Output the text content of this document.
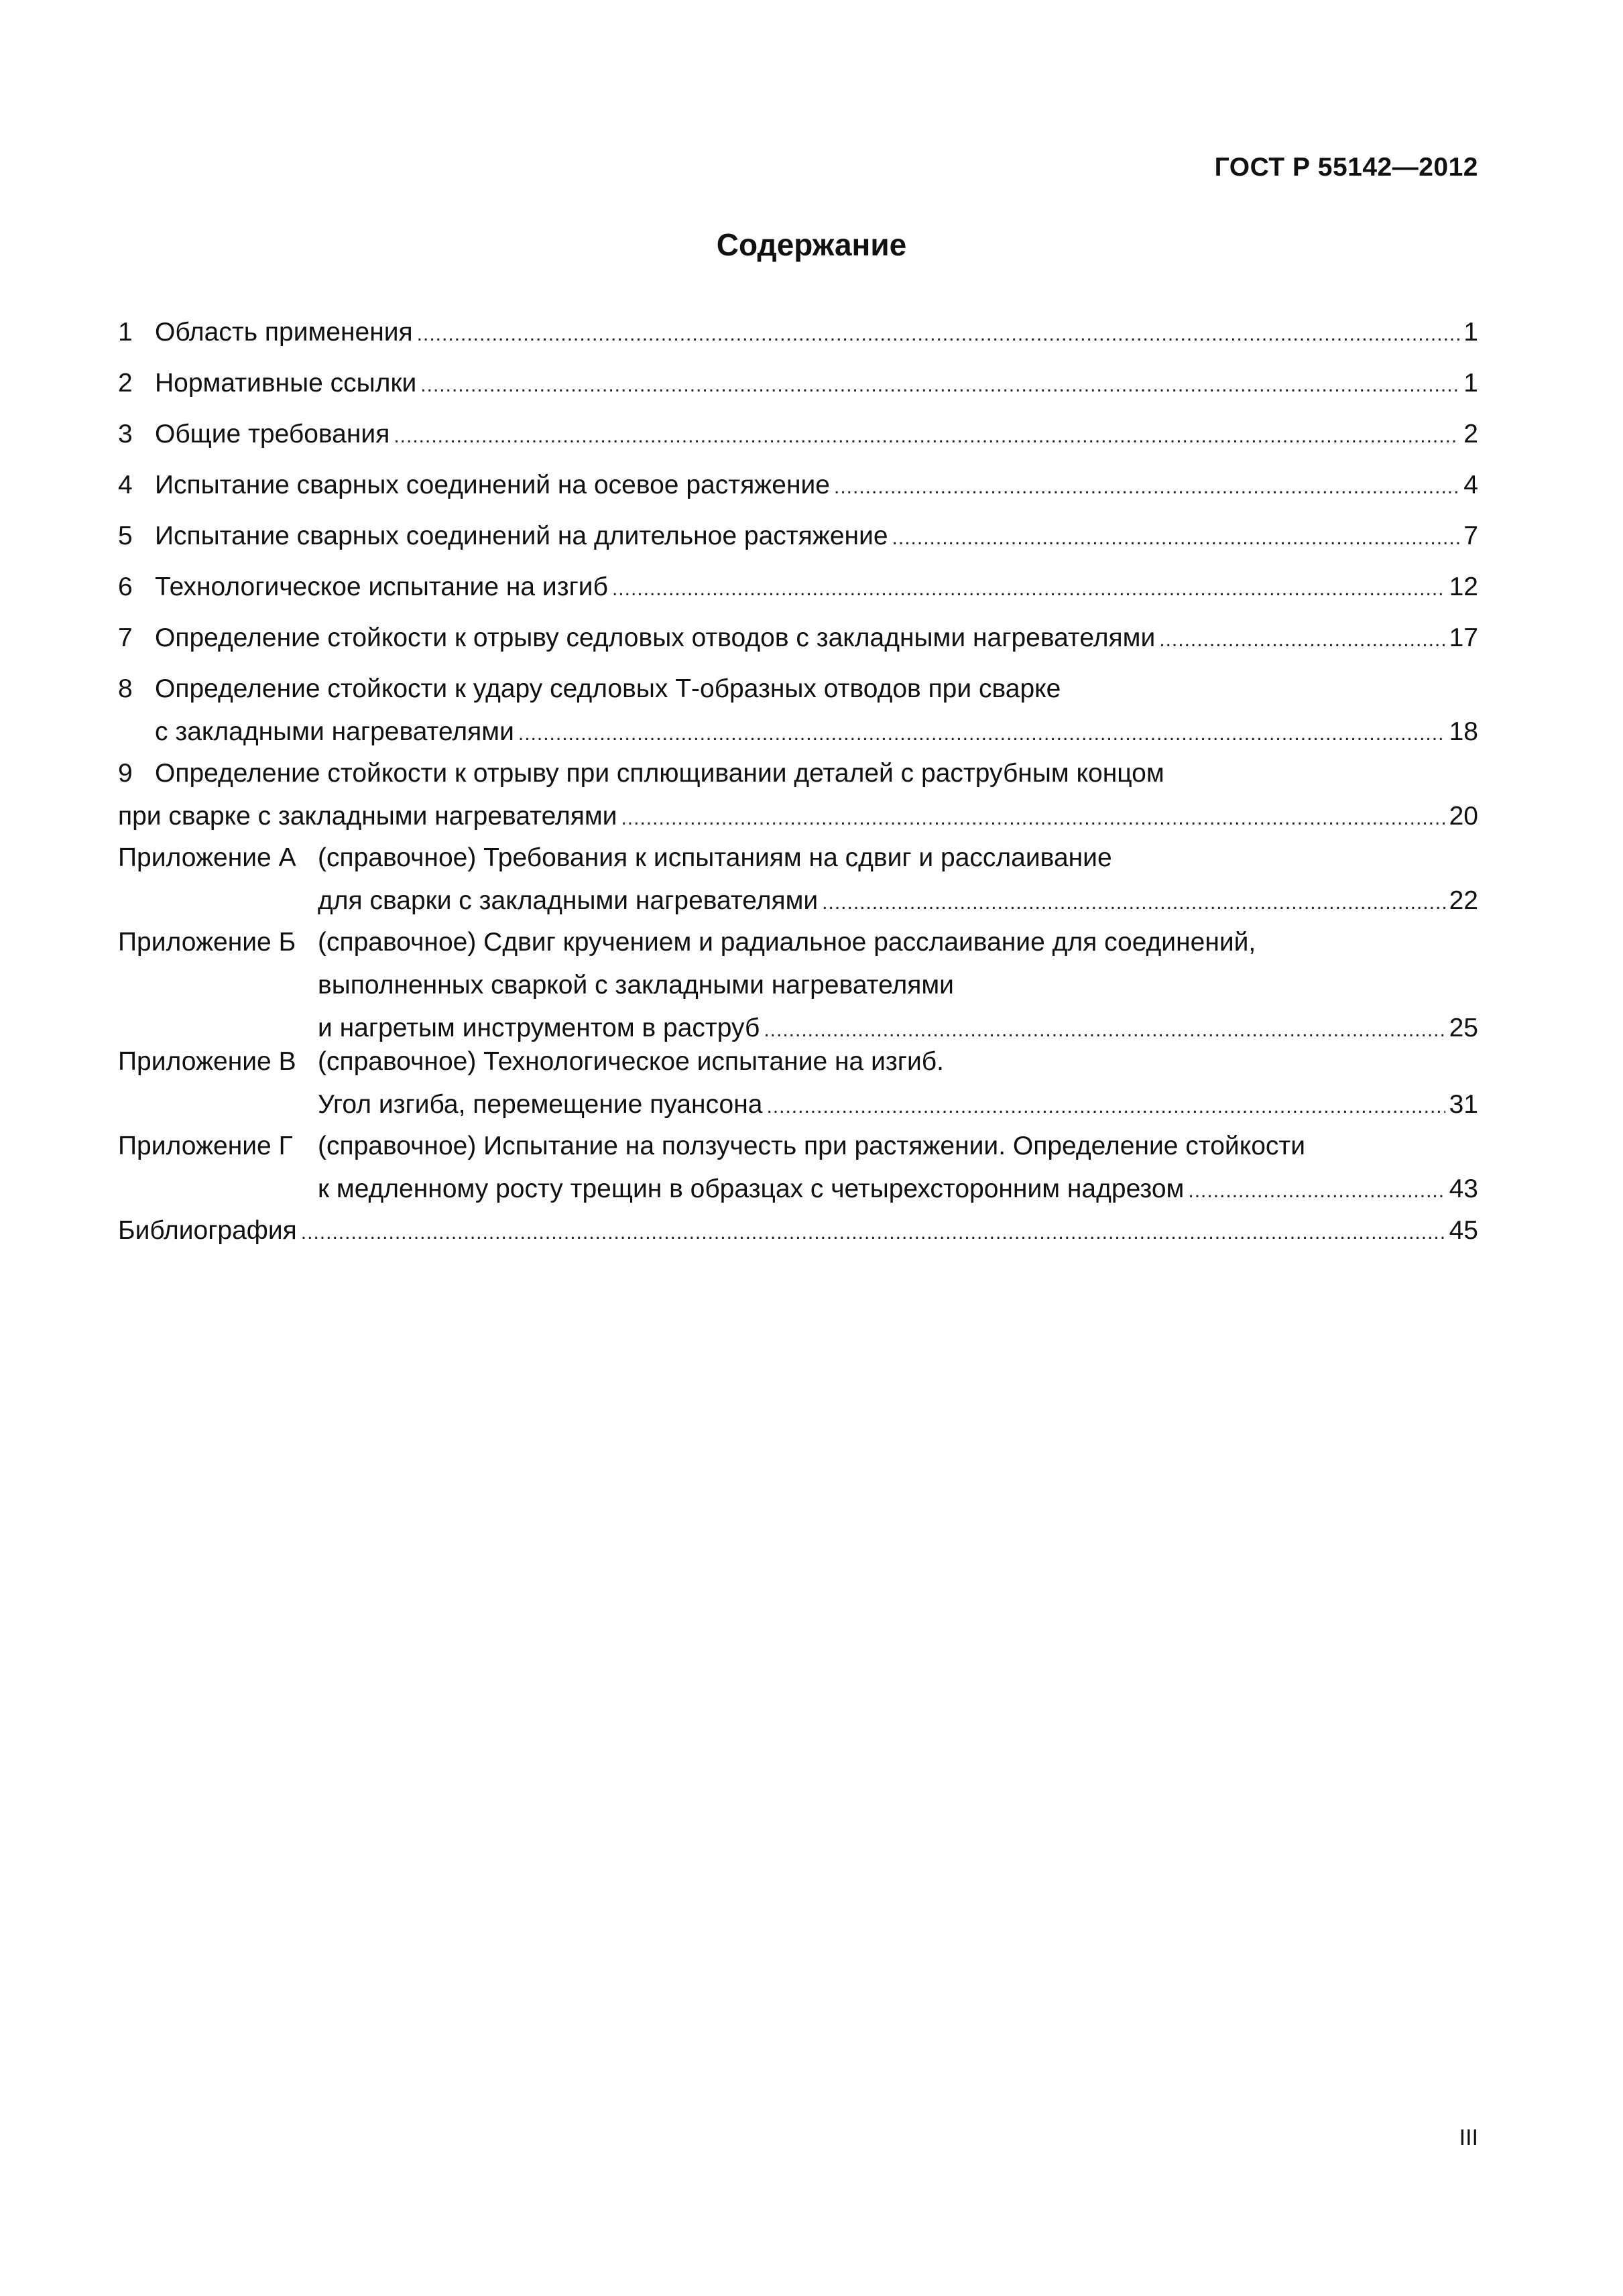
ГОСТ Р 55142—2012
Содержание
1 Область применения .....	1
2 Нормативные ссылки .....	1
3 Общие требования .....	2
4 Испытание сварных соединений на осевое растяжение .....	4
5 Испытание сварных соединений на длительное растяжение .....	7
6 Технологическое испытание на изгиб .....	12
7 Определение стойкости к отрыву седловых отводов с закладными нагревателями .....	17
8 Определение стойкости к удару седловых Т-образных отводов при сварке
с закладными нагревателями .....	18
9 Определение стойкости к отрыву при сплющивании деталей с раструбным концом
при сварке с закладными нагревателями .....	20
Приложение А (справочное) Требования к испытаниям на сдвиг и расслаивание
для сварки с закладными нагревателями .....	22
Приложение Б (справочное) Сдвиг кручением и радиальное расслаивание для соединений,
выполненных сваркой с закладными нагревателями
и нагретым инструментом в раструб .....	25
Приложение В (справочное) Технологическое испытание на изгиб.
Угол изгиба, перемещение пуансона .....	31
Приложение Г (справочное) Испытание на ползучесть при растяжении. Определение стойкости
к медленному росту трещин в образцах с четырехсторонним надрезом .....	43
Библиография .....	45
III
